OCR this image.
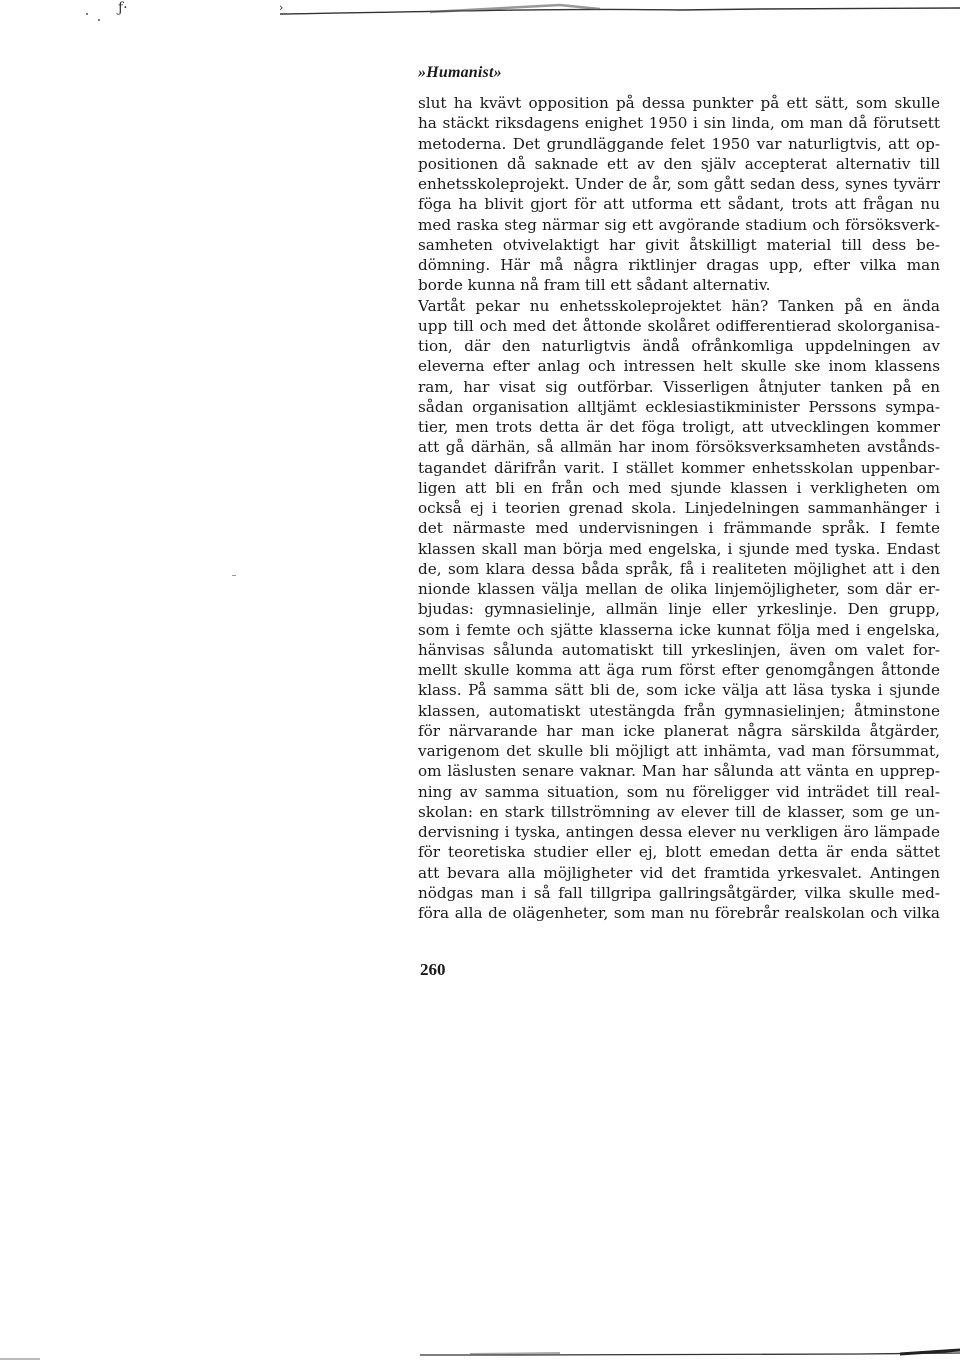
ƒ·	›
»Humanist»
slut ha kvävt opposition på dessa punkter på ett sätt, som skulle
ha stäckt riksdagens enighet 1950 i sin linda, om man då förutsett
metoderna. Det grundläggande felet 1950 var naturligtvis, att op-
positionen då saknade ett av den själv accepterat alternativ till
enhetsskoleprojekt. Under de år, som gått sedan dess, synes tyvärr
föga ha blivit gjort för att utforma ett sådant, trots att frågan nu
med raska steg närmar sig ett avgörande stadium och försöksverk-
samheten otvivelaktigt har givit åtskilligt material till dess be-
dömning. Här må några riktlinjer dragas upp, efter vilka man
borde kunna nå fram till ett sådant alternativ.
Vartåt pekar nu enhetsskoleprojektet hän? Tanken på en ända
upp till och med det åttonde skolåret odifferentierad skolorganisa-
tion, där den naturligtvis ändå ofrånkomliga uppdelningen av
eleverna efter anlag och intressen helt skulle ske inom klassens
ram, har visat sig outförbar. Visserligen åtnjuter tanken på en
sådan organisation alltjämt ecklesiastikminister Perssons sympa-
tier, men trots detta är det föga troligt, att utvecklingen kommer
att gå därhän, så allmän har inom försöksverksamheten avstånds-
tagandet därifrån varit. I stället kommer enhetsskolan uppenbar-
ligen att bli en från och med sjunde klassen i verkligheten om
också ej i teorien grenad skola. Linjedelningen sammanhänger i
det närmaste med undervisningen i främmande språk. I femte
klassen skall man börja med engelska, i sjunde med tyska. Endast
de, som klara dessa båda språk, få i realiteten möjlighet att i den
nionde klassen välja mellan de olika linjemöjligheter, som där er-
bjudas: gymnasielinje, allmän linje eller yrkeslinje. Den grupp,
som i femte och sjätte klasserna icke kunnat följa med i engelska,
hänvisas sålunda automatiskt till yrkeslinjen, även om valet for-
mellt skulle komma att äga rum först efter genomgången åttonde
klass. På samma sätt bli de, som icke välja att läsa tyska i sjunde
klassen, automatiskt utestängda från gymnasielinjen; åtminstone
för närvarande har man icke planerat några särskilda åtgärder,
varigenom det skulle bli möjligt att inhämta, vad man försummat,
om läslusten senare vaknar. Man har sålunda att vänta en upprep-
ning av samma situation, som nu föreligger vid inträdet till real-
skolan: en stark tillströmning av elever till de klasser, som ge un-
dervisning i tyska, antingen dessa elever nu verkligen äro lämpade
för teoretiska studier eller ej, blott emedan detta är enda sättet
att bevara alla möjligheter vid det framtida yrkesvalet. Antingen
nödgas man i så fall tillgripa gallringsåtgärder, vilka skulle med-
föra alla de olägenheter, som man nu förebrår realskolan och vilka
260
